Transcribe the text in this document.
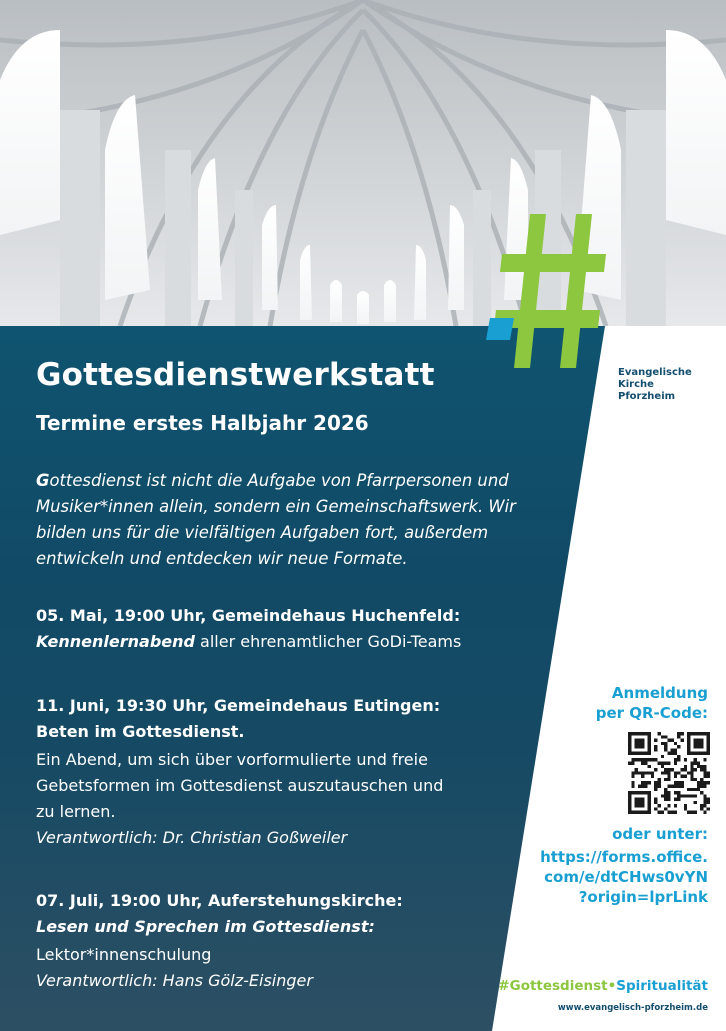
Evangelische
Kirche
Pforzheim
Gottesdienstwerkstatt
Termine erstes Halbjahr 2026
Gottesdienst ist nicht die Aufgabe von Pfarrpersonen und
Musiker*innen allein, sondern ein Gemeinschaftswerk. Wir
bilden uns für die vielfältigen Aufgaben fort, außerdem
entwickeln und entdecken wir neue Formate.
05. Mai, 19:00 Uhr, Gemeindehaus Huchenfeld:
Kennenlernabend aller ehrenamtlicher GoDi-Teams
11. Juni, 19:30 Uhr, Gemeindehaus Eutingen:
Beten im Gottesdienst.
Ein Abend, um sich über vorformulierte und freie
Gebetsformen im Gottesdienst auszutauschen und
zu lernen.
Verantwortlich: Dr. Christian Goßweiler
07. Juli, 19:00 Uhr, Auferstehungskirche:
Lesen und Sprechen im Gottesdienst:
Lektor*innenschulung
Verantwortlich: Hans Gölz-Eisinger
Anmeldung
per QR-Code:
oder unter:
https://forms.office.
com/e/dtCHws0vYN
?origin=lprLink
#Gottesdienst•Spiritualität
www.evangelisch-pforzheim.de
